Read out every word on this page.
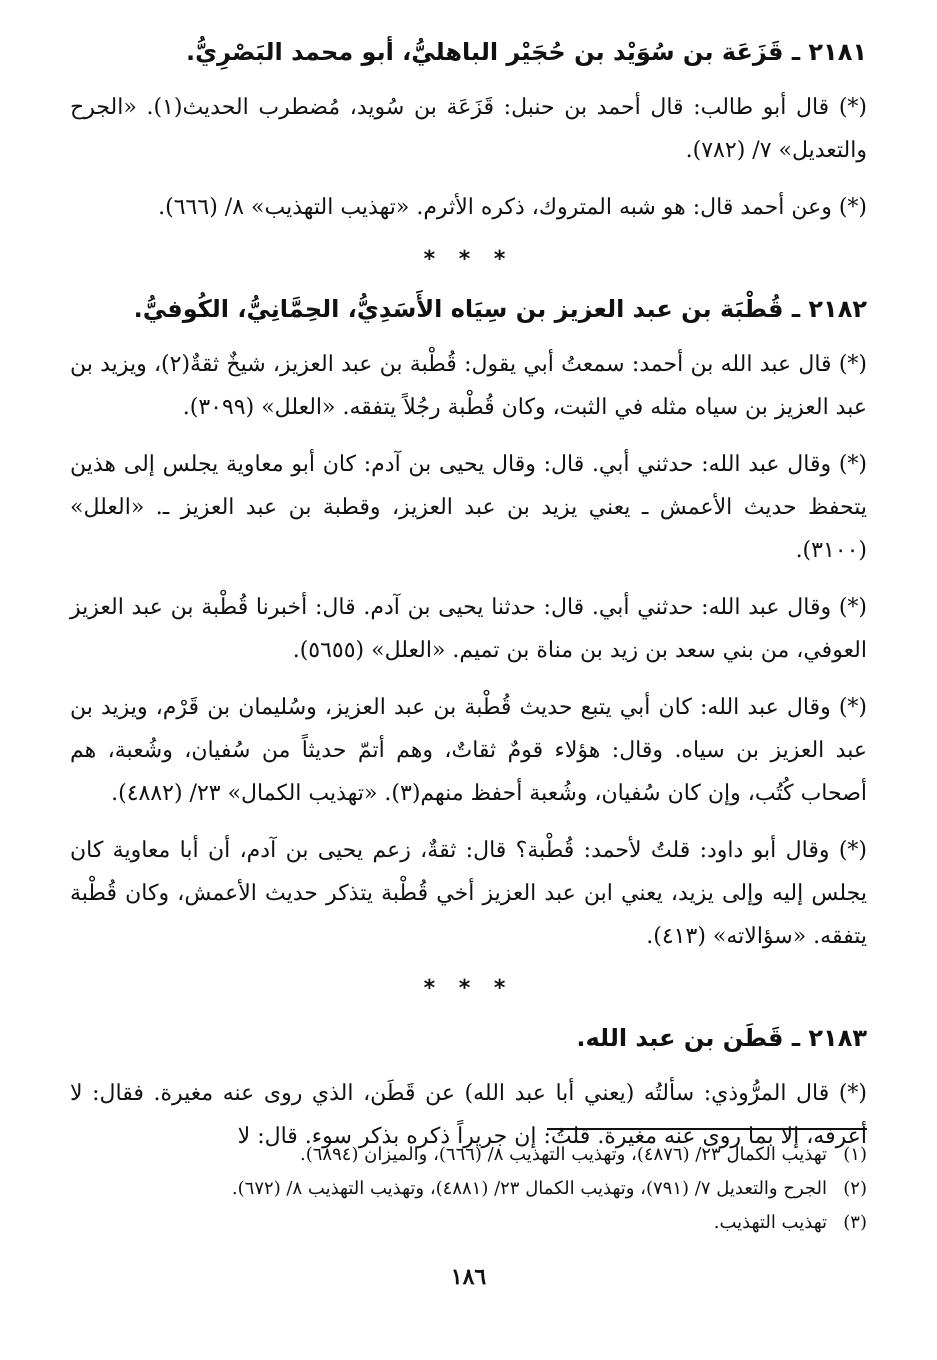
٢١٨١ ـ قَزَعَة بن سُوَيْد بن حُجَيْر الباهليُّ، أبو محمد البَصْرِيُّ.

(*) قال أبو طالب: قال أحمد بن حنبل: قَزَعَة بن سُويد، مُضطرب الحديث(١). «الجرح والتعديل» ٧/ (٧٨٢).

(*) وعن أحمد قال: هو شبه المتروك، ذكره الأثرم. «تهذيب التهذيب» ٨/ (٦٦٦).

* * *
٢١٨٢ ـ قُطْبَة بن عبد العزيز بن سِيَاه الأَسَدِيُّ، الحِمَّانِيُّ، الكُوفيُّ.

(*) قال عبد الله بن أحمد: سمعتُ أبي يقول: قُطْبة بن عبد العزيز، شيخٌ ثقةٌ(٢)، ويزيد بن عبد العزيز بن سياه مثله في الثبت، وكان قُطْبة رجُلاً يتفقه. «العلل» (٣٠٩٩).

(*) وقال عبد الله: حدثني أبي. قال: وقال يحيى بن آدم: كان أبو معاوية يجلس إلى هذين يتحفظ حديث الأعمش ـ يعني يزيد بن عبد العزيز، وقطبة بن عبد العزيز ـ. «العلل» (٣١٠٠).

(*) وقال عبد الله: حدثني أبي. قال: حدثنا يحيى بن آدم. قال: أخبرنا قُطْبة بن عبد العزيز العوفي، من بني سعد بن زيد بن مناة بن تميم. «العلل» (٥٦٥٥).

(*) وقال عبد الله: كان أبي يتبع حديث قُطْبة بن عبد العزيز، وسُليمان بن قَرْم، ويزيد بن عبد العزيز بن سياه. وقال: هؤلاء قومٌ ثقاتٌ، وهم أتمّ حديثاً من سُفيان، وشُعبة، هم أصحاب كُتُب، وإن كان سُفيان، وشُعبة أحفظ منهم(٣). «تهذيب الكمال» ٢٣/ (٤٨٨٢).

(*) وقال أبو داود: قلتُ لأحمد: قُطْبة؟ قال: ثقةٌ، زعم يحيى بن آدم، أن أبا معاوية كان يجلس إليه وإلى يزيد، يعني ابن عبد العزيز أخي قُطْبة يتذكر حديث الأعمش، وكان قُطْبة يتفقه. «سؤالاته» (٤١٣).

* * *
٢١٨٣ ـ قَطَن بن عبد الله.

(*) قال المرُّوذي: سألتُه (يعني أبا عبد الله) عن قَطَن، الذي روى عنه مغيرة. فقال: لا أعرفه، إلا بما روى عنه مغيرة. قلتُ: إن جريراً ذكره بذكر سوء. قال: لا

(١)
تهذيب الكمال ٢٣/ (٤٨٧٦)، وتهذيب التهذيب ٨/ (٦٦٦)، والميزان (٦٨٩٤).
(٢)
الجرح والتعديل ٧/ (٧٩١)، وتهذيب الكمال ٢٣/ (٤٨٨١)، وتهذيب التهذيب ٨/ (٦٧٢).
(٣)
تهذيب التهذيب.
١٨٦
